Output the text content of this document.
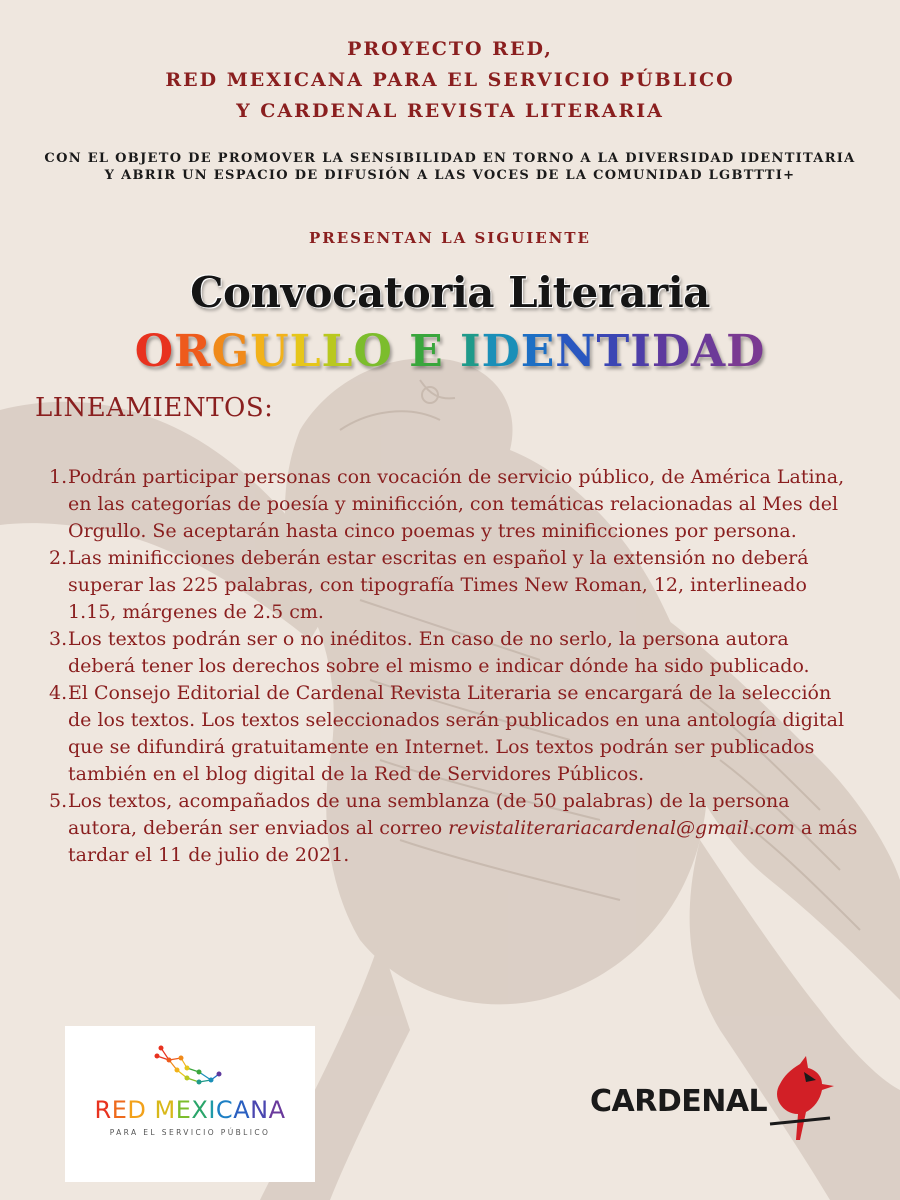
PROYECTO RED,
RED MEXICANA PARA EL SERVICIO PÚBLICO
Y CARDENAL REVISTA LITERARIA
CON EL OBJETO DE PROMOVER LA SENSIBILIDAD EN TORNO A LA DIVERSIDAD IDENTITARIA Y ABRIR UN ESPACIO DE DIFUSIÓN A LAS VOCES DE LA COMUNIDAD LGBTTTI+
PRESENTAN LA SIGUIENTE
Convocatoria Literaria
ORGULLO E IDENTIDAD
LINEAMIENTOS:
1. Podrán participar personas con vocación de servicio público, de América Latina, en las categorías de poesía y minificción, con temáticas relacionadas al Mes del Orgullo. Se aceptarán hasta cinco poemas y tres minificciones por persona.
2. Las minificciones deberán estar escritas en español y la extensión no deberá superar las 225 palabras, con tipografía Times New Roman, 12, interlineado 1.15, márgenes de 2.5 cm.
3. Los textos podrán ser o no inéditos. En caso de no serlo, la persona autora deberá tener los derechos sobre el mismo e indicar dónde ha sido publicado.
4. El Consejo Editorial de Cardenal Revista Literaria se encargará de la selección de los textos. Los textos seleccionados serán publicados en una antología digital que se difundirá gratuitamente en Internet. Los textos podrán ser publicados también en el blog digital de la Red de Servidores Públicos.
5. Los textos, acompañados de una semblanza (de 50 palabras) de la persona autora, deberán ser enviados al correo revistaliterariacardenal@gmail.com a más tardar el 11 de julio de 2021.
RED MEXICANA
PARA EL SERVICIO PÚBLICO
CARDENAL
